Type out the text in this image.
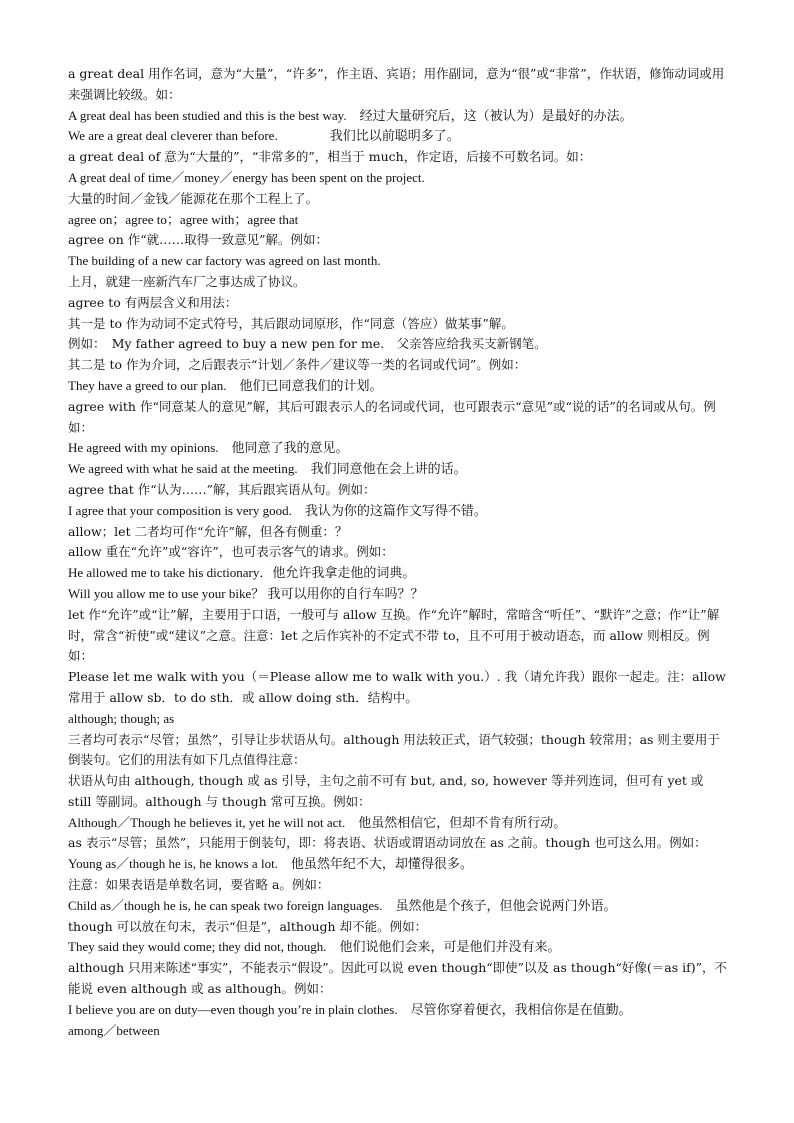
a great deal 用作名词，意为“大量”，“许多”，作主语、宾语；用作副词，意为“很”或“非常”，作状语，修饰动词或用来强调比较级。如：

A great deal has been studied and this is the best way.　经过大量研究后，这（被认为）是最好的办法。

We are a great deal cleverer than before.　　　　我们比以前聪明多了。

a great deal of 意为“大量的”，“非常多的”，相当于 much，作定语，后接不可数名词。如：

A great deal of time／money／energy has been spent on the project.

大量的时间／金钱／能源花在那个工程上了。

agree on；agree to；agree with；agree that

agree on 作“就……取得一致意见”解。例如：

The building of a new car factory was agreed on last month.

上月，就建一座新汽车厂之事达成了协议。

agree to 有两层含义和用法：

其一是 to 作为动词不定式符号，其后跟动词原形，作“同意（答应）做某事”解。

例如：　My father agreed to buy a new pen for me.　父亲答应给我买支新钢笔。

其二是 to 作为介词，之后跟表示“计划／条件／建议等一类的名词或代词”。例如：

They have a greed to our plan.　他们已同意我们的计划。

agree with 作“同意某人的意见”解，其后可跟表示人的名词或代词，也可跟表示“意见”或“说的话”的名词或从句。例如：

He agreed with my opinions.　他同意了我的意见。

We agreed with what he said at the meeting.　我们同意他在会上讲的话。

agree that 作“认为……”解，其后跟宾语从句。例如：

I agree that your composition is very good.　我认为你的这篇作文写得不错。

allow；let 二者均可作“允许”解，但各有侧重：？

allow 重在“允许”或“容许”，也可表示客气的请求。例如：

He allowed me to take his dictionary．他允许我拿走他的词典。

Will you allow me to use your bike？ 我可以用你的自行车吗？？

let 作“允许”或“让”解，主要用于口语，一般可与 allow 互换。作“允许”解时，常暗含“听任”、“默许”之意；作“让”解时，常含“祈使”或“建议”之意。注意：let 之后作宾补的不定式不带 to，且不可用于被动语态，而 allow 则相反。例如：

Please let me walk with you（＝Please allow me to walk with you.）. 我（请允许我）跟你一起走。注：allow 常用于 allow sb．to do sth．或 allow doing sth．结构中。

although; though; as

三者均可表示“尽管；虽然”，引导让步状语从句。although 用法较正式，语气较强；though 较常用；as 则主要用于倒装句。它们的用法有如下几点值得注意：

状语从句由 although, though 或 as 引导，主句之前不可有 but, and, so, however 等并列连词，但可有 yet 或 still 等副词。although 与 though 常可互换。例如：

Although／Though he believes it, yet he will not act.　他虽然相信它，但却不肯有所行动。

as 表示“尽管；虽然”，只能用于倒装句，即：将表语、状语或谓语动词放在 as 之前。though 也可这么用。例如：

Young as／though he is, he knows a lot.　他虽然年纪不大，却懂得很多。

注意：如果表语是单数名词，要省略 a。例如：

Child as／though he is, he can speak two foreign languages.　虽然他是个孩子，但他会说两门外语。

though 可以放在句末，表示“但是”，although 却不能。例如：

They said they would come; they did not, though.　他们说他们会来，可是他们并没有来。

although 只用来陈述“事实”，不能表示“假设”。因此可以说 even though“即使”以及 as though“好像(＝as if)”，不能说 even although 或 as although。例如：

I believe you are on duty—even though you’re in plain clothes.　尽管你穿着便衣，我相信你是在值勤。

among／between
